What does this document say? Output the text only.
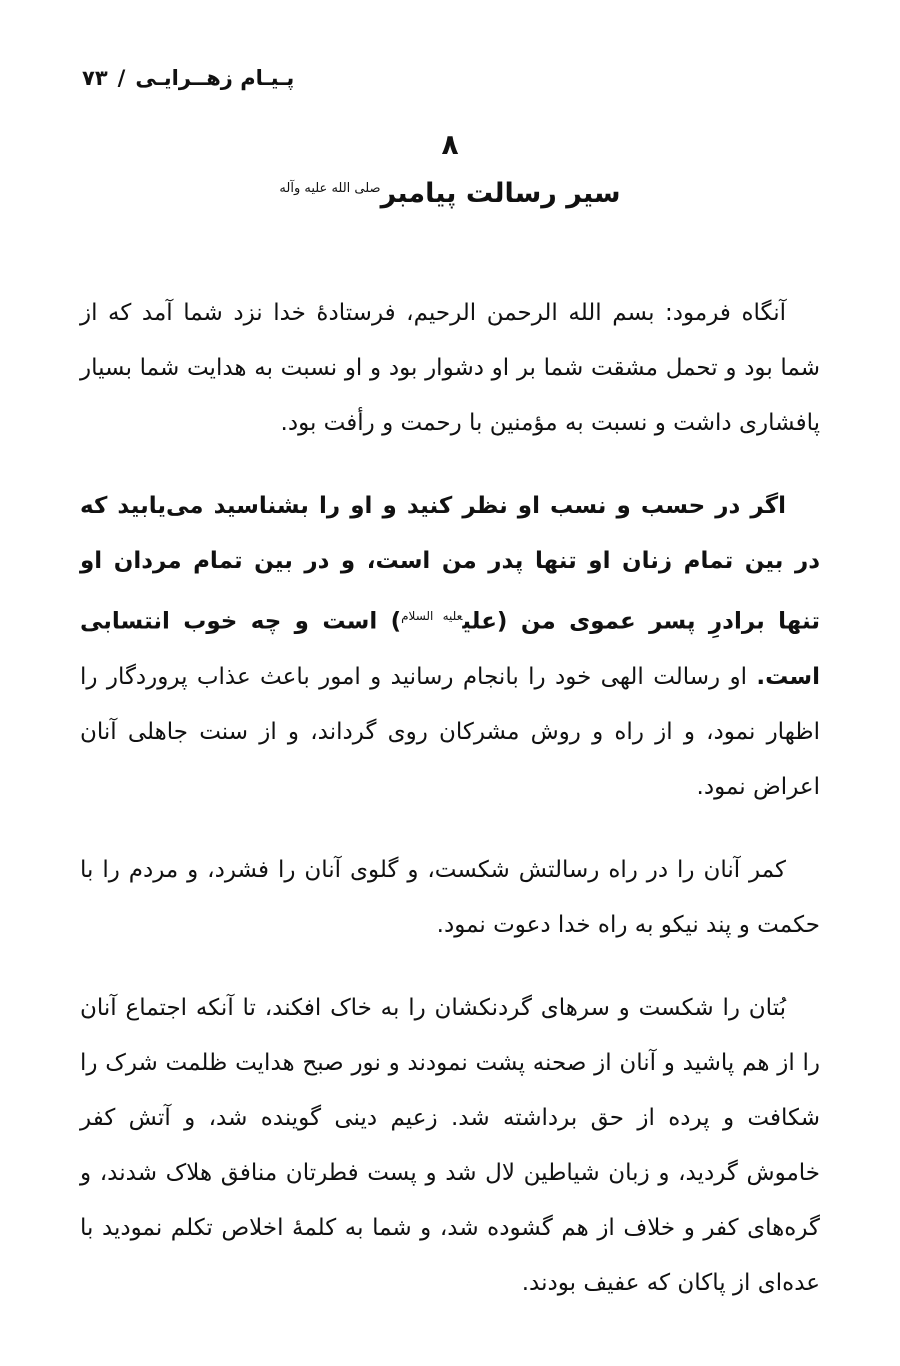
پـیـام زهــرایـی/۷۳
۸
سیر رسالت پیامبر$^{صلى الله عليه وآله}$

آنگاه فرمود: بسم الله الرحمن الرحیم، فرستادهٔ خدا نزد شما آمد که از شما بود و تحمل مشقت شما بر او دشوار بود و او نسبت به هدایت شما بسیار پافشاری داشت و نسبت به مؤمنین با رحمت و رأفت بود.

اگر در حسب و نسب او نظر کنید و او را بشناسید می‌یابید که در بین تمام زنان او تنها پدر من است، و در بین تمام مردان او تنها برادرِ پسر عموی من (علی$^{عليه السلام}$) است و چه خوب انتسابی است. او رسالت الهی خود را بانجام رسانید و امور باعث عذاب پروردگار را اظهار نمود، و از راه و روش مشرکان روی گرداند، و از سنت جاهلی آنان اعراض نمود.

کمر آنان را در راه رسالتش شکست، و گلوی آنان را فشرد، و مردم را با حکمت و پند نیکو به راه خدا دعوت نمود.

بُتان را شکست و سرهای گردنکشان را به خاک افکند، تا آنکه اجتماع آنان را از هم پاشید و آنان از صحنه پشت نمودند و نور صبح هدایت ظلمت شرک را شکافت و پرده از حق برداشته شد. زعیم دینی گوینده شد، و آتش کفر خاموش گردید، و زبان شیاطین لال شد و پست فطرتان منافق هلاک شدند، و گره‌های کفر و خلاف از هم گشوده شد، و شما به کلمهٔ اخلاص تکلم نمودید با عده‌ای از پاکان که عفیف بودند.
